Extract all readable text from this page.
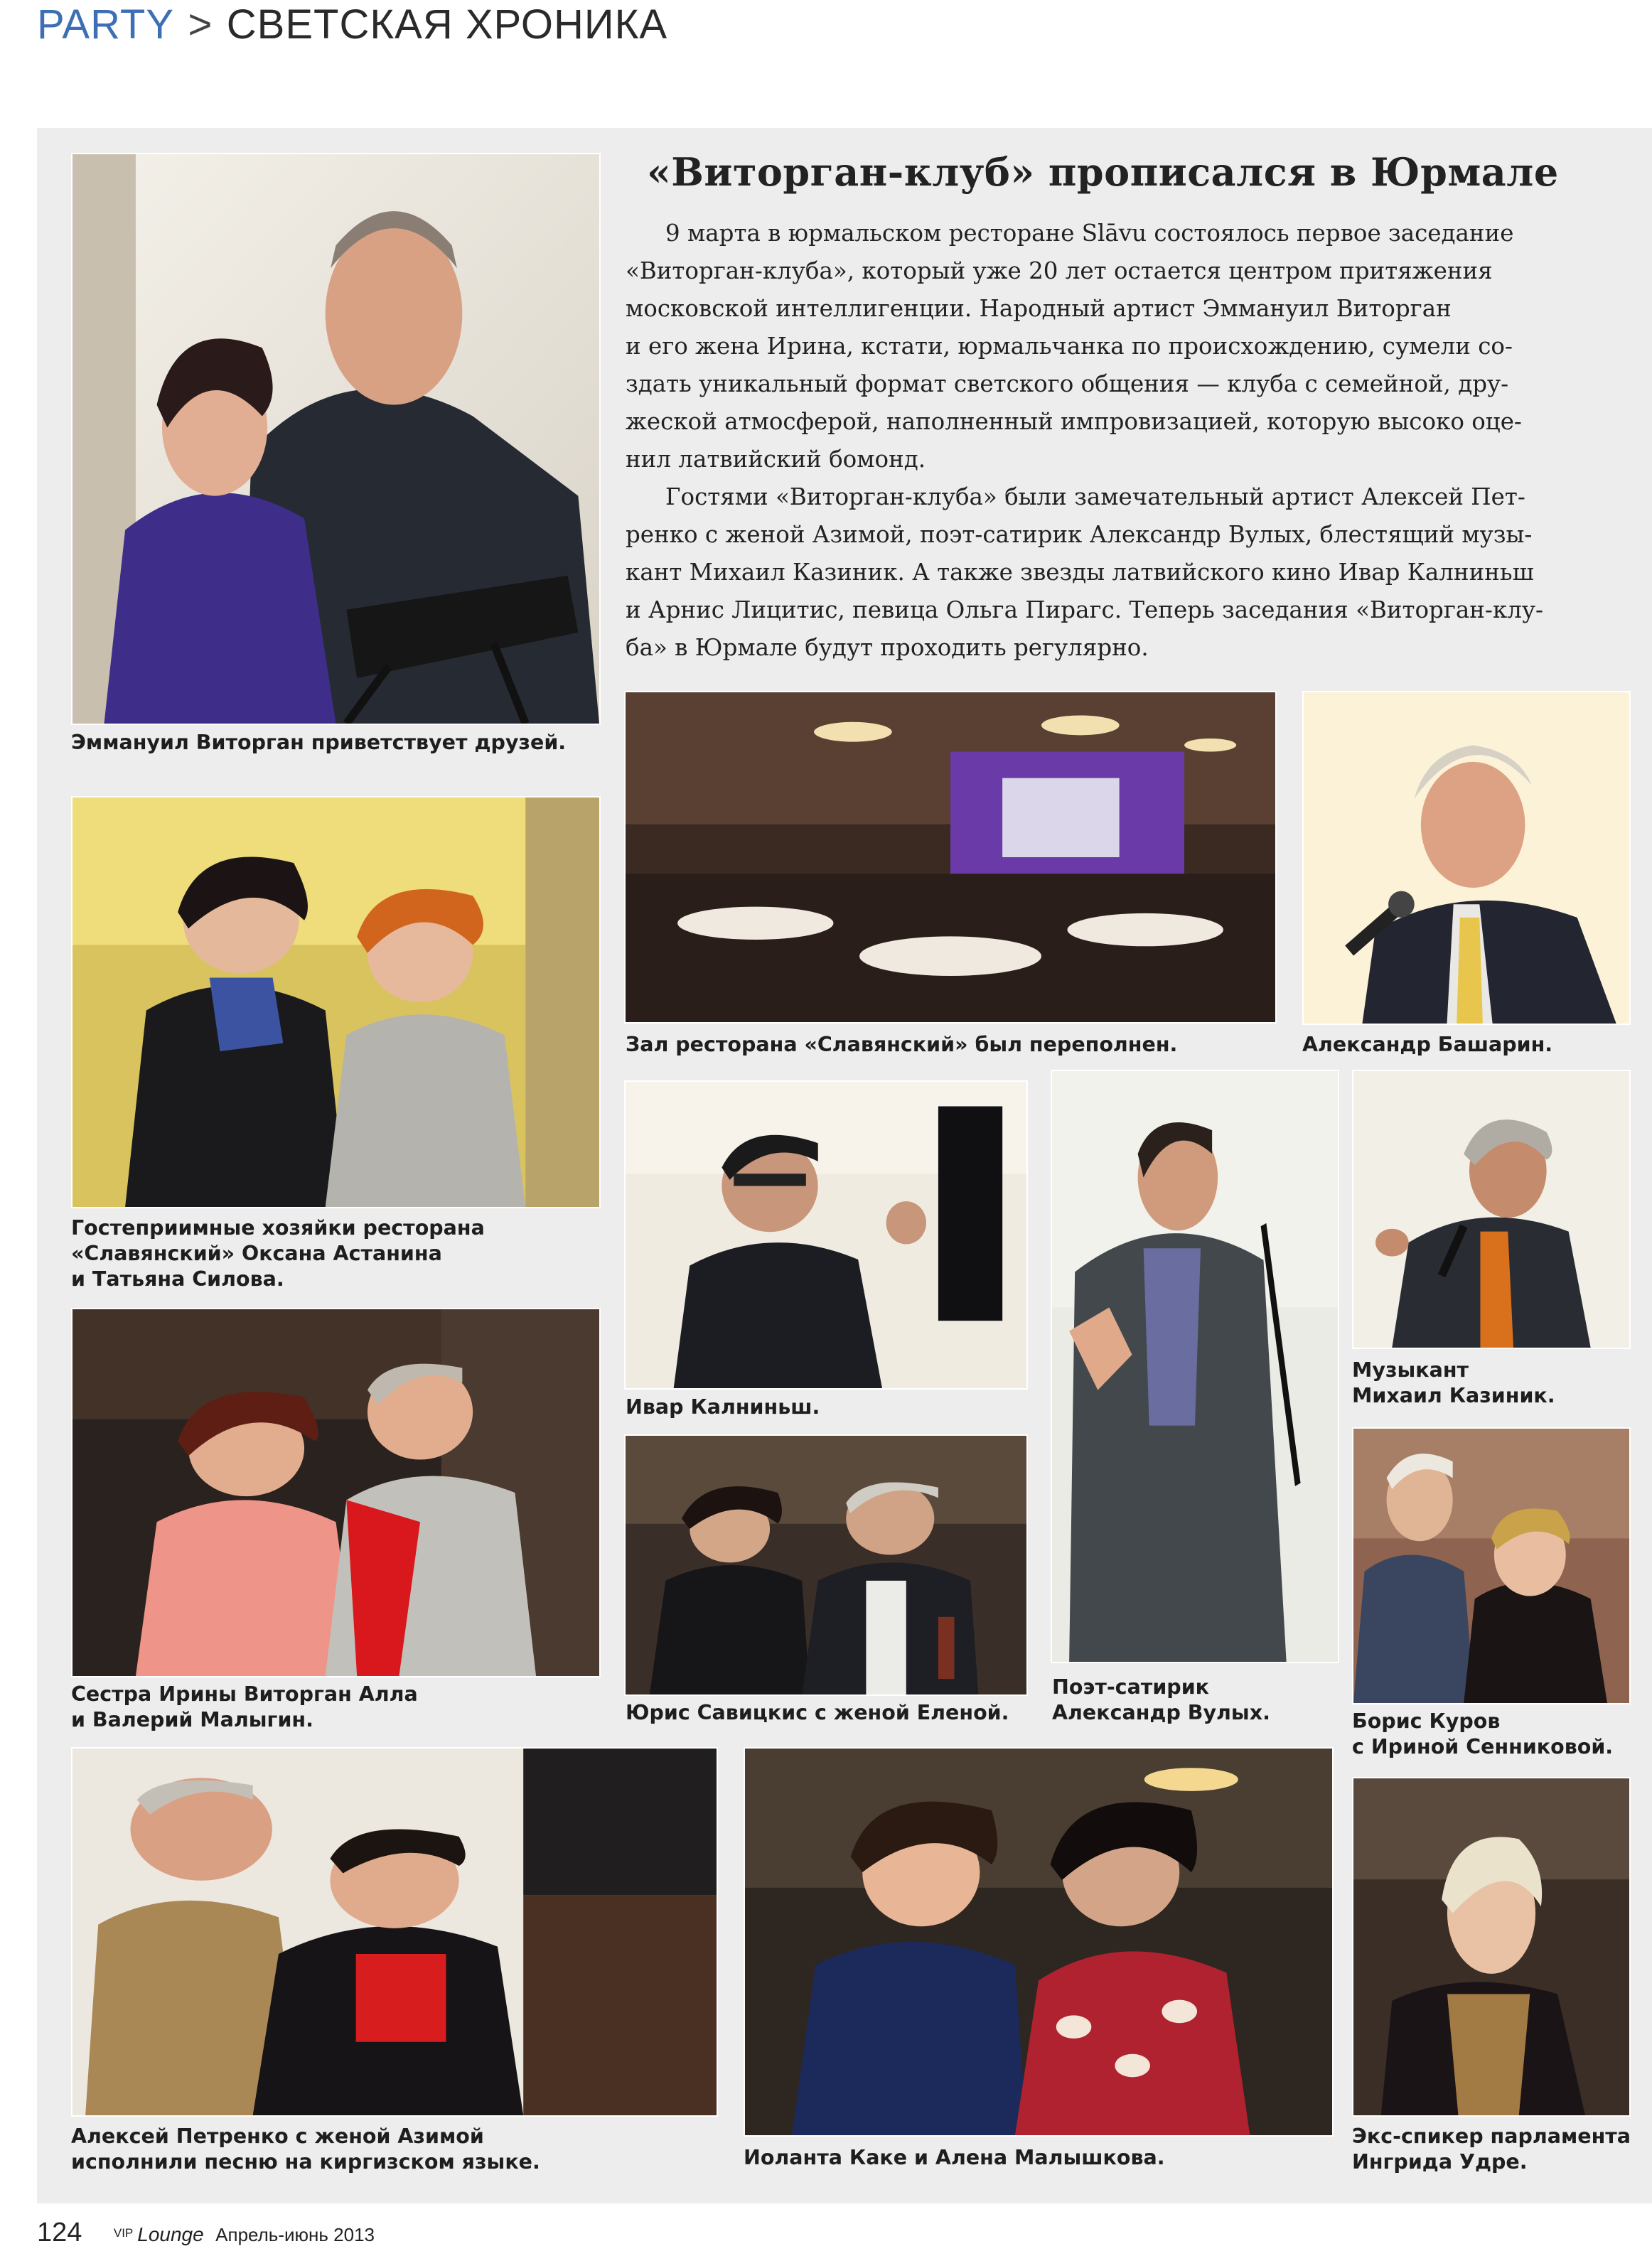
PARTY > СВЕТСКАЯ ХРОНИКА
«Виторган-клуб» прописался в Юрмале

9 марта в юрмальском ресторане Slāvu состоялось первое заседание
«Виторган-клуба», который уже 20 лет остается центром притяжения
московской интеллигенции. Народный артист Эммануил Виторган
и его жена Ирина, кстати, юрмальчанка по происхождению, сумели со-
здать уникальный формат светского общения — клуба с семейной, дру-
жеской атмосферой, наполненный импровизацией, которую высоко оце-
нил латвийский бомонд.

Гостями «Виторган-клуба» были замечательный артист Алексей Пет-
ренко с женой Азимой, поэт-сатирик Александр Вулых, блестящий музы-
кант Михаил Казиник. А также звезды латвийского кино Ивар Калниньш
и Арнис Лицитис, певица Ольга Пирагс. Теперь заседания «Виторган-клу-
ба» в Юрмале будут проходить регулярно.

Эммануил Виторган приветствует друзей.
Зал ресторана «Славянский» был переполнен.	Александр Башарин.
Гостеприимные хозяйки ресторана
«Славянский» Оксана Астанина
и Татьяна Силова.
Ивар Калниньш.
Поэт-сатирик
Александр Вулых.
Музыкант
Михаил Казиник.
Сестра Ирины Виторган Алла
и Валерий Малыгин.	Юрис Савицкис с женой Еленой.	Борис Куров
с Ириной Сенниковой.
Алексей Петренко с женой Азимой
исполнили песню на киргизском языке.	Иоланта Каке и Алена Малышкова.
Экс-спикер парламента
Ингрида Удре.
124	VIP Lounge Апрель-июнь 2013
